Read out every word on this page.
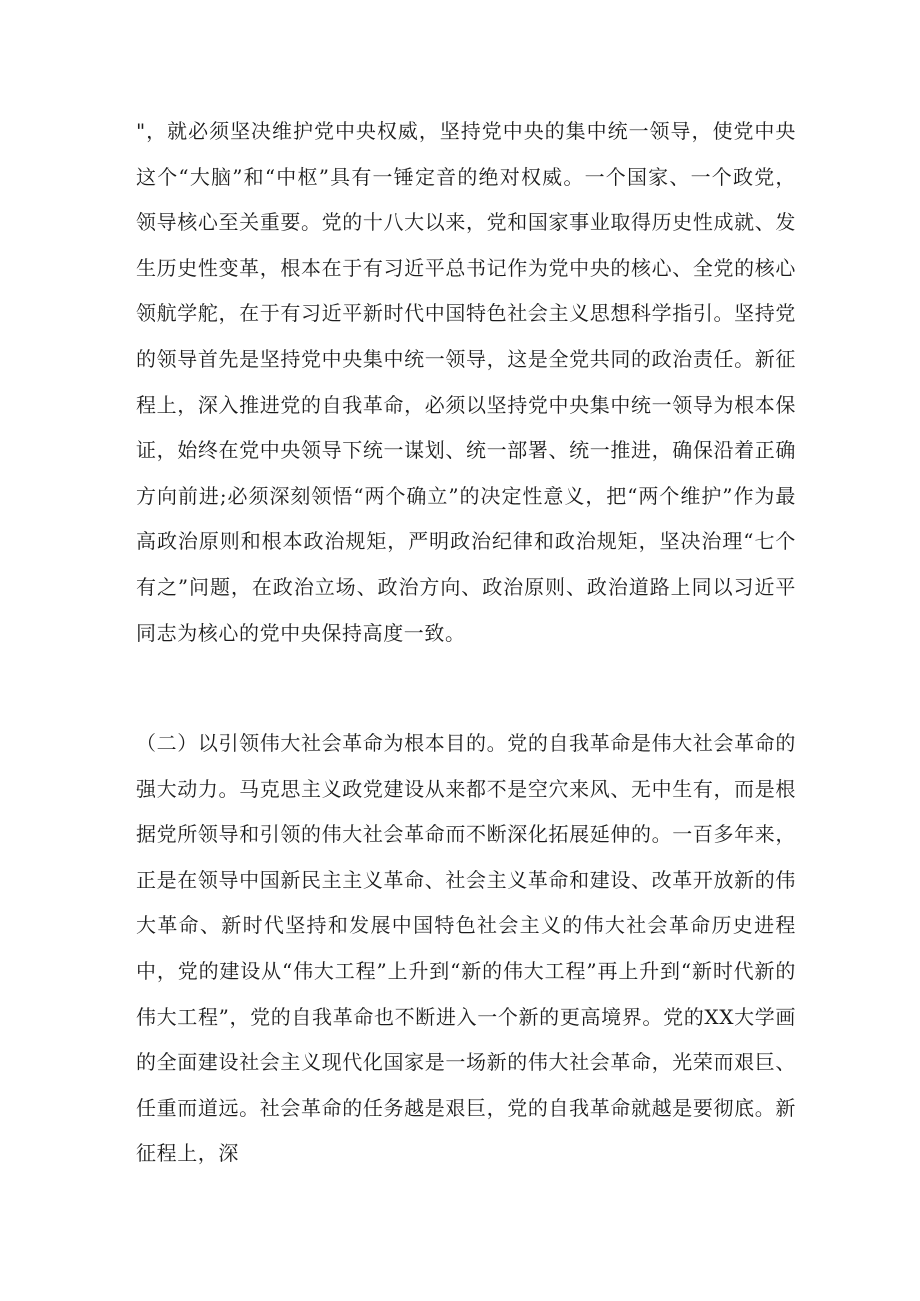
"，就必须坚决维护党中央权威，坚持党中央的集中统一领导，使党中央这个“大脑”和“中枢”具有一锤定音的绝对权威。一个国家、一个政党，领导核心至关重要。党的十八大以来，党和国家事业取得历史性成就、发生历史性变革，根本在于有习近平总书记作为党中央的核心、全党的核心领航学舵，在于有习近平新时代中国特色社会主义思想科学指引。坚持党的领导首先是坚持党中央集中统一领导，这是全党共同的政治责任。新征程上，深入推进党的自我革命，必须以坚持党中央集中统一领导为根本保证，始终在党中央领导下统一谋划、统一部署、统一推进，确保沿着正确方向前进;必须深刻领悟“两个确立”的决定性意义，把“两个维护”作为最高政治原则和根本政治规矩，严明政治纪律和政治规矩，坚决治理“七个有之”问题，在政治立场、政治方向、政治原则、政治道路上同以习近平同志为核心的党中央保持高度一致。

（二）以引领伟大社会革命为根本目的。党的自我革命是伟大社会革命的强大动力。马克思主义政党建设从来都不是空穴来风、无中生有，而是根据党所领导和引领的伟大社会革命而不断深化拓展延伸的。一百多年来，正是在领导中国新民主主义革命、社会主义革命和建设、改革开放新的伟大革命、新时代坚持和发展中国特色社会主义的伟大社会革命历史进程中，党的建设从“伟大工程”上升到“新的伟大工程”再上升到“新时代新的伟大工程”，党的自我革命也不断进入一个新的更高境界。党的XX大学画的全面建设社会主义现代化国家是一场新的伟大社会革命，光荣而艰巨、任重而道远。社会革命的任务越是艰巨，党的自我革命就越是要彻底。新征程上，深
